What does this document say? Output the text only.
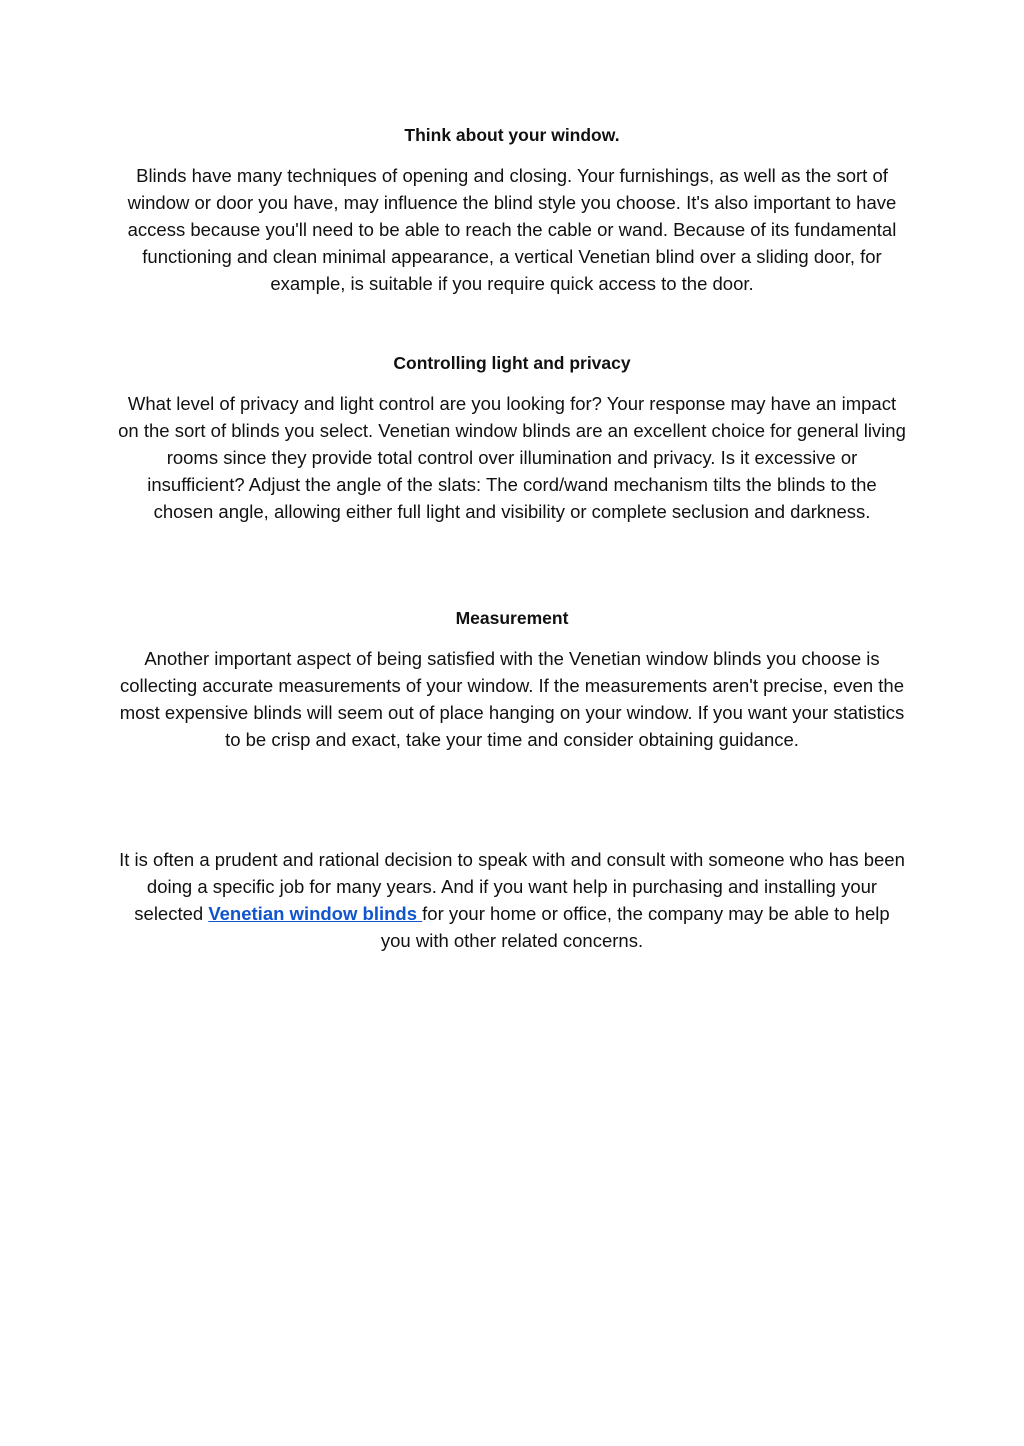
Think about your window.

Blinds have many techniques of opening and closing. Your furnishings, as well as the sort of window or door you have, may influence the blind style you choose. It's also important to have access because you'll need to be able to reach the cable or wand. Because of its fundamental functioning and clean minimal appearance, a vertical Venetian blind over a sliding door, for example, is suitable if you require quick access to the door.

Controlling light and privacy

What level of privacy and light control are you looking for? Your response may have an impact on the sort of blinds you select. Venetian window blinds are an excellent choice for general living rooms since they provide total control over illumination and privacy. Is it excessive or insufficient? Adjust the angle of the slats: The cord/wand mechanism tilts the blinds to the chosen angle, allowing either full light and visibility or complete seclusion and darkness.

Measurement

Another important aspect of being satisfied with the Venetian window blinds you choose is collecting accurate measurements of your window. If the measurements aren't precise, even the most expensive blinds will seem out of place hanging on your window. If you want your statistics to be crisp and exact, take your time and consider obtaining guidance.

It is often a prudent and rational decision to speak with and consult with someone who has been doing a specific job for many years. And if you want help in purchasing and installing your selected Venetian window blinds for your home or office, the company may be able to help you with other related concerns.
